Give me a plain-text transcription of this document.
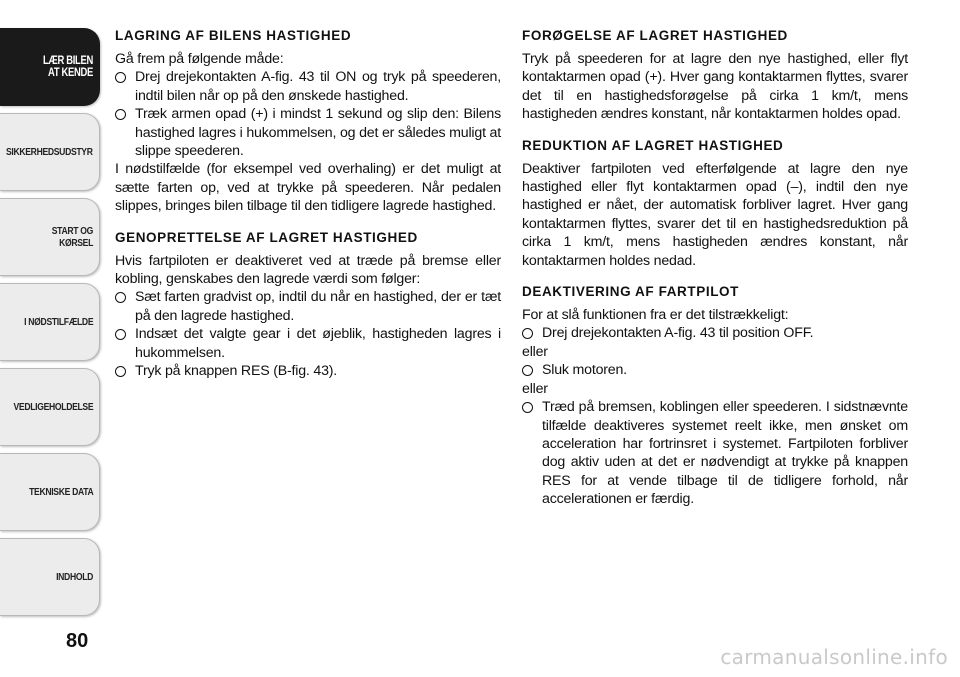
LÆR BILEN
AT KENDE
SIKKERHEDSUDSTYR
START OG KØRSEL
I NØDSTILFÆLDE
VEDLIGEHOLDELSE
TEKNISKE DATA
INDHOLD
80
LAGRING AF BILENS HASTIGHED

Gå frem på følgende måde:

Drej drejekontakten A-fig. 43 til ON og tryk på speederen, indtil bilen når op på den ønskede hastighed.
Træk armen opad (+) i mindst 1 sekund og slip den: Bilens hastighed lagres i hukommelsen, og det er således muligt at slippe speederen.

I nødstilfælde (for eksempel ved overhaling) er det muligt at sætte farten op, ved at trykke på speederen. Når pedalen slippes, bringes bilen tilbage til den tidligere lagrede hastighed.

GENOPRETTELSE AF LAGRET HASTIGHED

Hvis fartpiloten er deaktiveret ved at træde på bremse eller kobling, genskabes den lagrede værdi som følger:

Sæt farten gradvist op, indtil du når en hastighed, der er tæt på den lagrede hastighed.
Indsæt det valgte gear i det øjeblik, hastigheden lagres i hukommelsen.
Tryk på knappen RES (B-fig. 43).
FORØGELSE AF LAGRET HASTIGHED

Tryk på speederen for at lagre den nye hastighed, eller flyt kontaktarmen opad (+). Hver gang kontaktarmen flyttes, svarer det til en hastighedsforøgelse på cirka 1 km/t, mens hastigheden ændres konstant, når kontaktarmen holdes opad.

REDUKTION AF LAGRET HASTIGHED

Deaktiver fartpiloten ved efterfølgende at lagre den nye hastighed eller flyt kontaktarmen opad (–), indtil den nye hastighed er nået, der automatisk forbliver lagret. Hver gang kontaktarmen flyttes, svarer det til en hastighedsreduktion på cirka 1 km/t, mens hastigheden ændres konstant, når kontaktarmen holdes nedad.

DEAKTIVERING AF FARTPILOT

For at slå funktionen fra er det tilstrækkeligt:

Drej drejekontakten A-fig. 43 til position OFF.

eller

Sluk motoren.

eller

Træd på bremsen, koblingen eller speederen. I sidstnævnte tilfælde deaktiveres systemet reelt ikke, men ønsket om acceleration har fortrinsret i systemet. Fartpiloten forbliver dog aktiv uden at det er nødvendigt at trykke på knappen RES for at vende tilbage til de tidligere forhold, når accelerationen er færdig.
carmanualsonline.info
